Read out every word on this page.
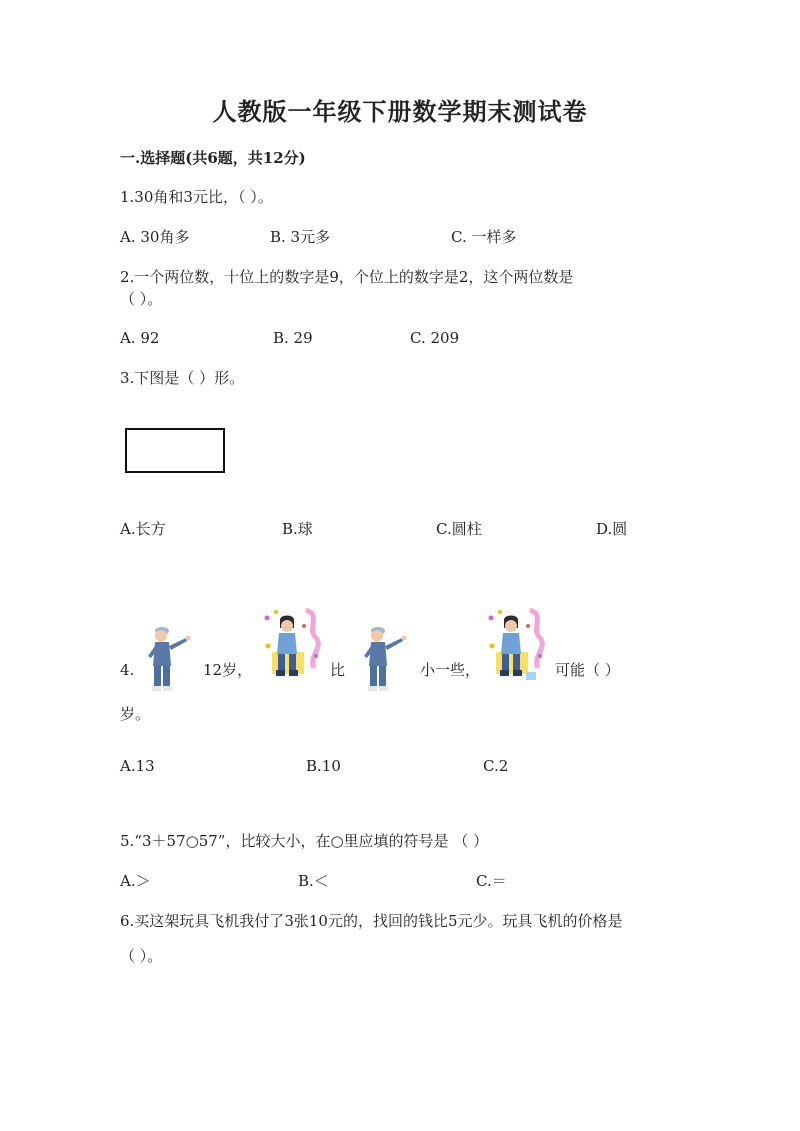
人教版一年级下册数学期末测试卷
一.选择题(共6题，共12分)
1.30角和3元比，（ ）。
A. 30角多	B. 3元多	C. 一样多
2.一个两位数，十位上的数字是9，个位上的数字是2，这个两位数是
（ ）。
A. 92	B. 29	C. 209
3.下图是（ ）形。
A.长方	B.球	C.圆柱	D.圆
4.	12岁，	比	小一些，	可能（ ）
岁。
A.13	B.10	C.2
5.“3＋57○57”，比较大小，在○里应填的符号是 （ ）
A.＞	B.＜	C.＝
6.买这架玩具飞机我付了3张10元的，找回的钱比5元少。玩具飞机的价格是
（ ）。
